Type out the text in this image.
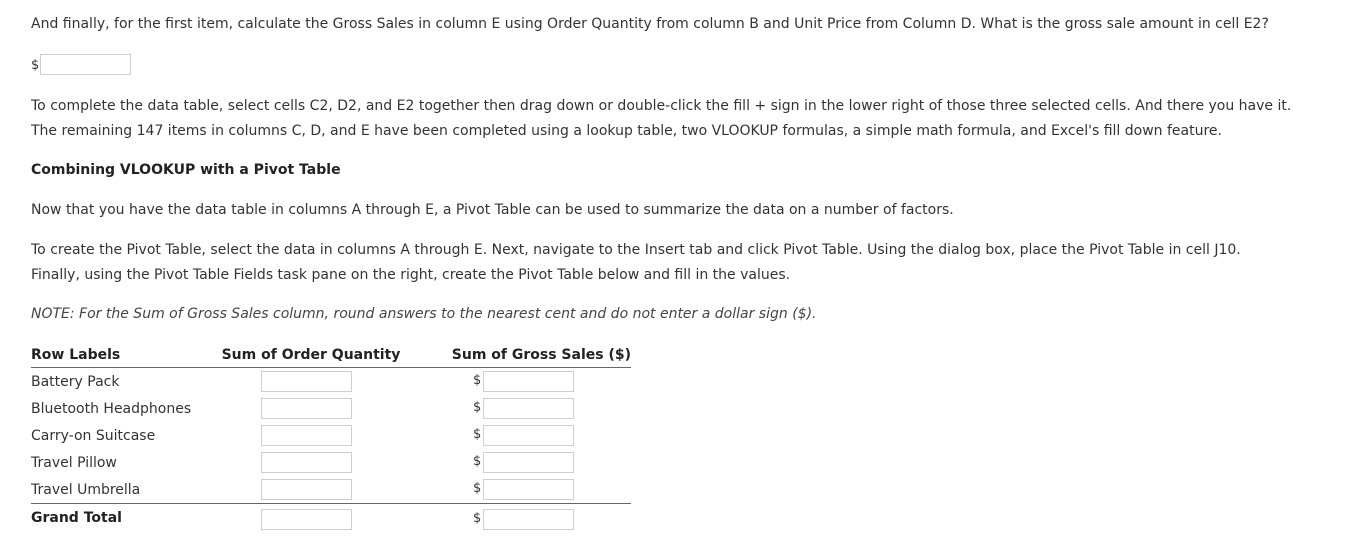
And finally, for the first item, calculate the Gross Sales in column E using Order Quantity from column B and Unit Price from Column D. What is the gross sale amount in cell E2?
$
To complete the data table, select cells C2, D2, and E2 together then drag down or double-click the fill + sign in the lower right of those three selected cells. And there you have it.
The remaining 147 items in columns C, D, and E have been completed using a lookup table, two VLOOKUP formulas, a simple math formula, and Excel's fill down feature.
Combining VLOOKUP with a Pivot Table
Now that you have the data table in columns A through E, a Pivot Table can be used to summarize the data on a number of factors.
To create the Pivot Table, select the data in columns A through E. Next, navigate to the Insert tab and click Pivot Table. Using the dialog box, place the Pivot Table in cell J10.
Finally, using the Pivot Table Fields task pane on the right, create the Pivot Table below and fill in the values.
NOTE: For the Sum of Gross Sales column, round answers to the nearest cent and do not enter a dollar sign ($).
Row Labels	Sum of Order Quantity	Sum of Gross Sales ($)
Battery Pack		$

Bluetooth Headphones		$

Carry-on Suitcase		$

Travel Pillow		$

Travel Umbrella		$

Grand Total		$
